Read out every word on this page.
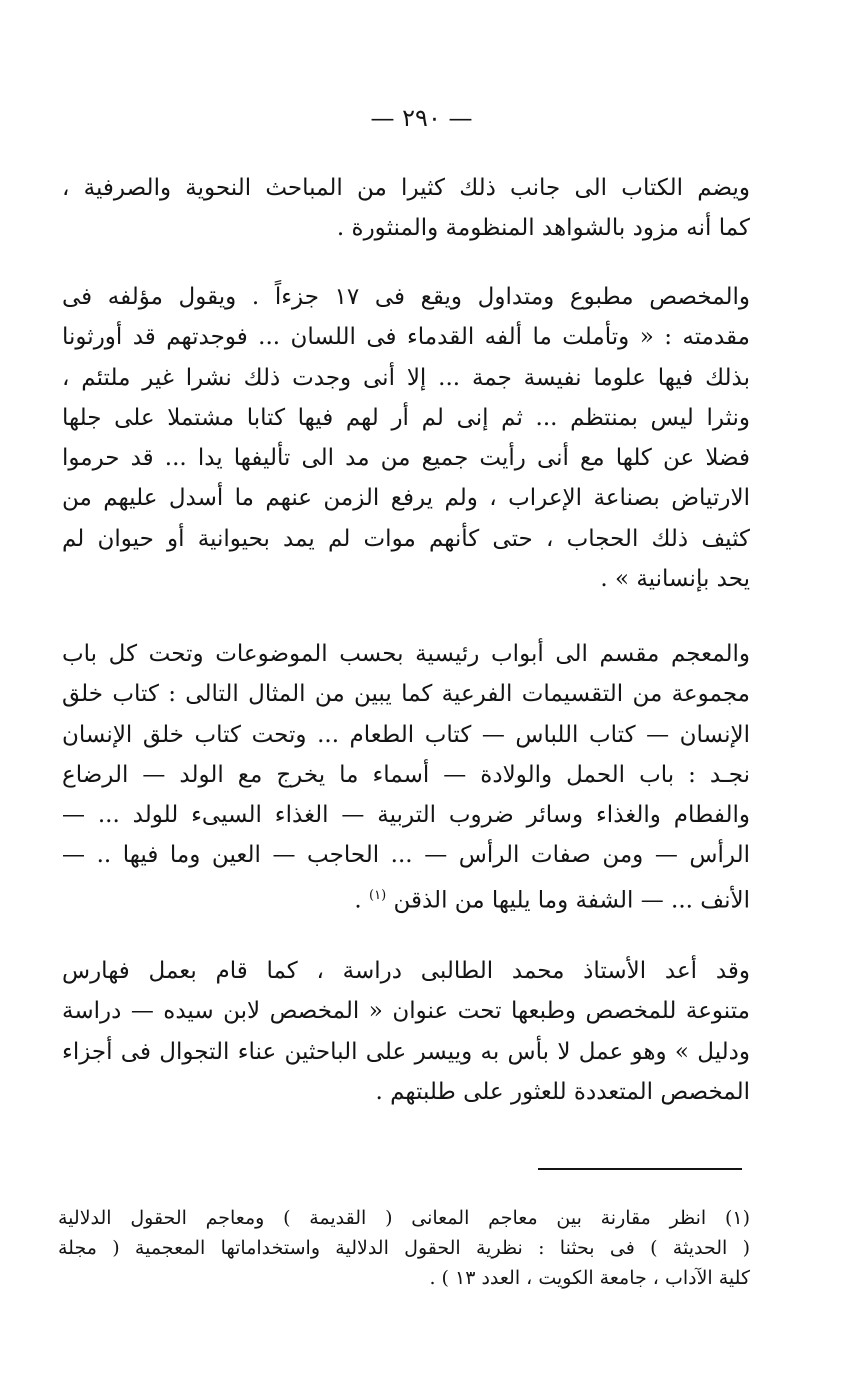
— ٢٩٠ —
ويضم الكتاب الى جانب ذلك كثيرا من المباحث النحوية والصرفية ،
كما أنه مزود بالشواهد المنظومة والمنثورة .
والمخصص مطبوع ومتداول ويقع فى ١٧ جزءاً . ويقول مؤلفه فى
مقدمته : « وتأملت ما ألفه القدماء فى اللسان ... فوجدتهم قد أورثونا
بذلك فيها علوما نفيسة جمة ... إلا أنى وجدت ذلك نشرا غير ملتئم ،
ونثرا ليس بمنتظم ... ثم إنى لم أر لهم فيها كتابا مشتملا على جلها
فضلا عن كلها مع أنى رأيت جميع من مد الى تأليفها يدا ... قد حرموا
الارتياض بصناعة الإعراب ، ولم يرفع الزمن عنهم ما أسدل عليهم من
كثيف ذلك الحجاب ، حتى كأنهم موات لم يمد بحيوانية أو حيوان لم
يحد بإنسانية » .
والمعجم مقسم الى أبواب رئيسية بحسب الموضوعات وتحت كل باب
مجموعة من التقسيمات الفرعية كما يبين من المثال التالى : كتاب خلق
الإنسان — كتاب اللباس — كتاب الطعام ... وتحت كتاب خلق الإنسان
نجـد : باب الحمل والولادة — أسماء ما يخرج مع الولد — الرضاع
والفطام والغذاء وسائر ضروب التربية — الغذاء السيىء للولد ... —
الرأس — ومن صفات الرأس — ... الحاجب — العين وما فيها .. —
الأنف ... — الشفة وما يليها من الذقن $^{(١)}$ .
وقد أعد الأستاذ محمد الطالبى دراسة ، كما قام بعمل فهارس
متنوعة للمخصص وطبعها تحت عنوان « المخصص لابن سيده — دراسة
ودليل » وهو عمل لا بأس به وييسر على الباحثين عناء التجوال فى أجزاء
المخصص المتعددة للعثور على طلبتهم .
(١) انظر مقارنة بين معاجم المعانى ( القديمة ) ومعاجم الحقول الدلالية
( الحديثة ) فى بحثنا : نظرية الحقول الدلالية واستخداماتها المعجمية ( مجلة
كلية الآداب ، جامعة الكويت ، العدد ١٣ ) .
